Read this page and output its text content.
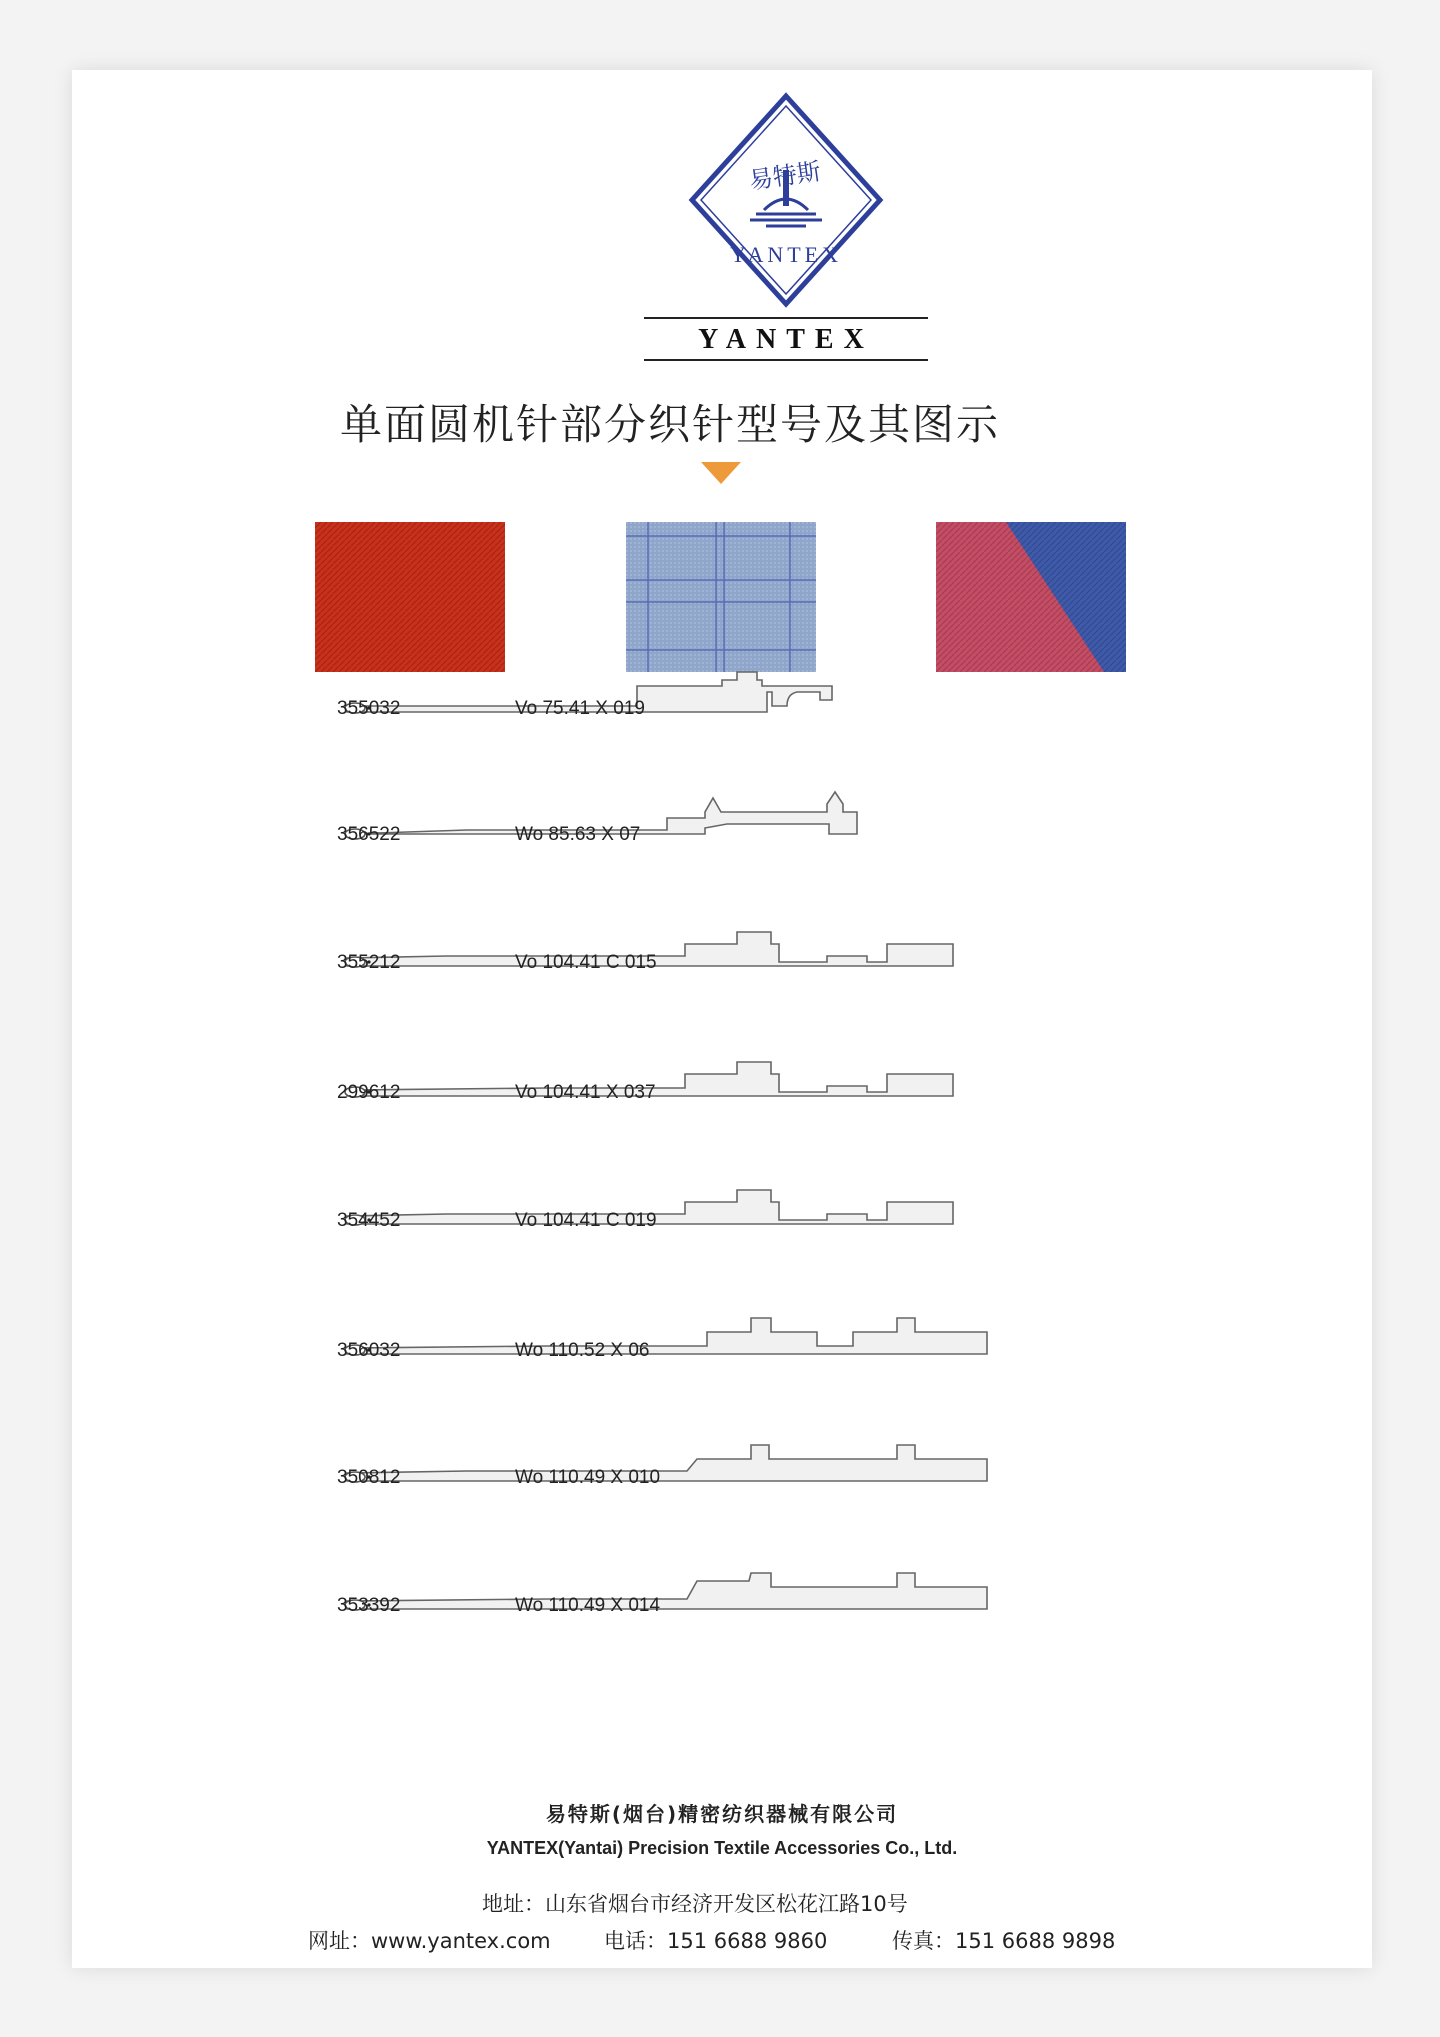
易特斯
YANTEX
YANTEX
单面圆机针部分织针型号及其图示
355032	Vo 75.41 X 019
356522	Wo 85.63 X 07
355212	Vo 104.41 C 015
299612	Vo 104.41 X 037
354452	Vo 104.41 C 019
356032	Wo 110.52 X 06
350812	Wo 110.49 X 010
353392	Wo 110.49 X 014
易特斯(烟台)精密纺织器械有限公司
YANTEX(Yantai) Precision Textile Accessories Co., Ltd.
地址：山东省烟台市经济开发区松花江路10号
网址：www.yantex.com	电话：151 6688 9860	传真：151 6688 9898
